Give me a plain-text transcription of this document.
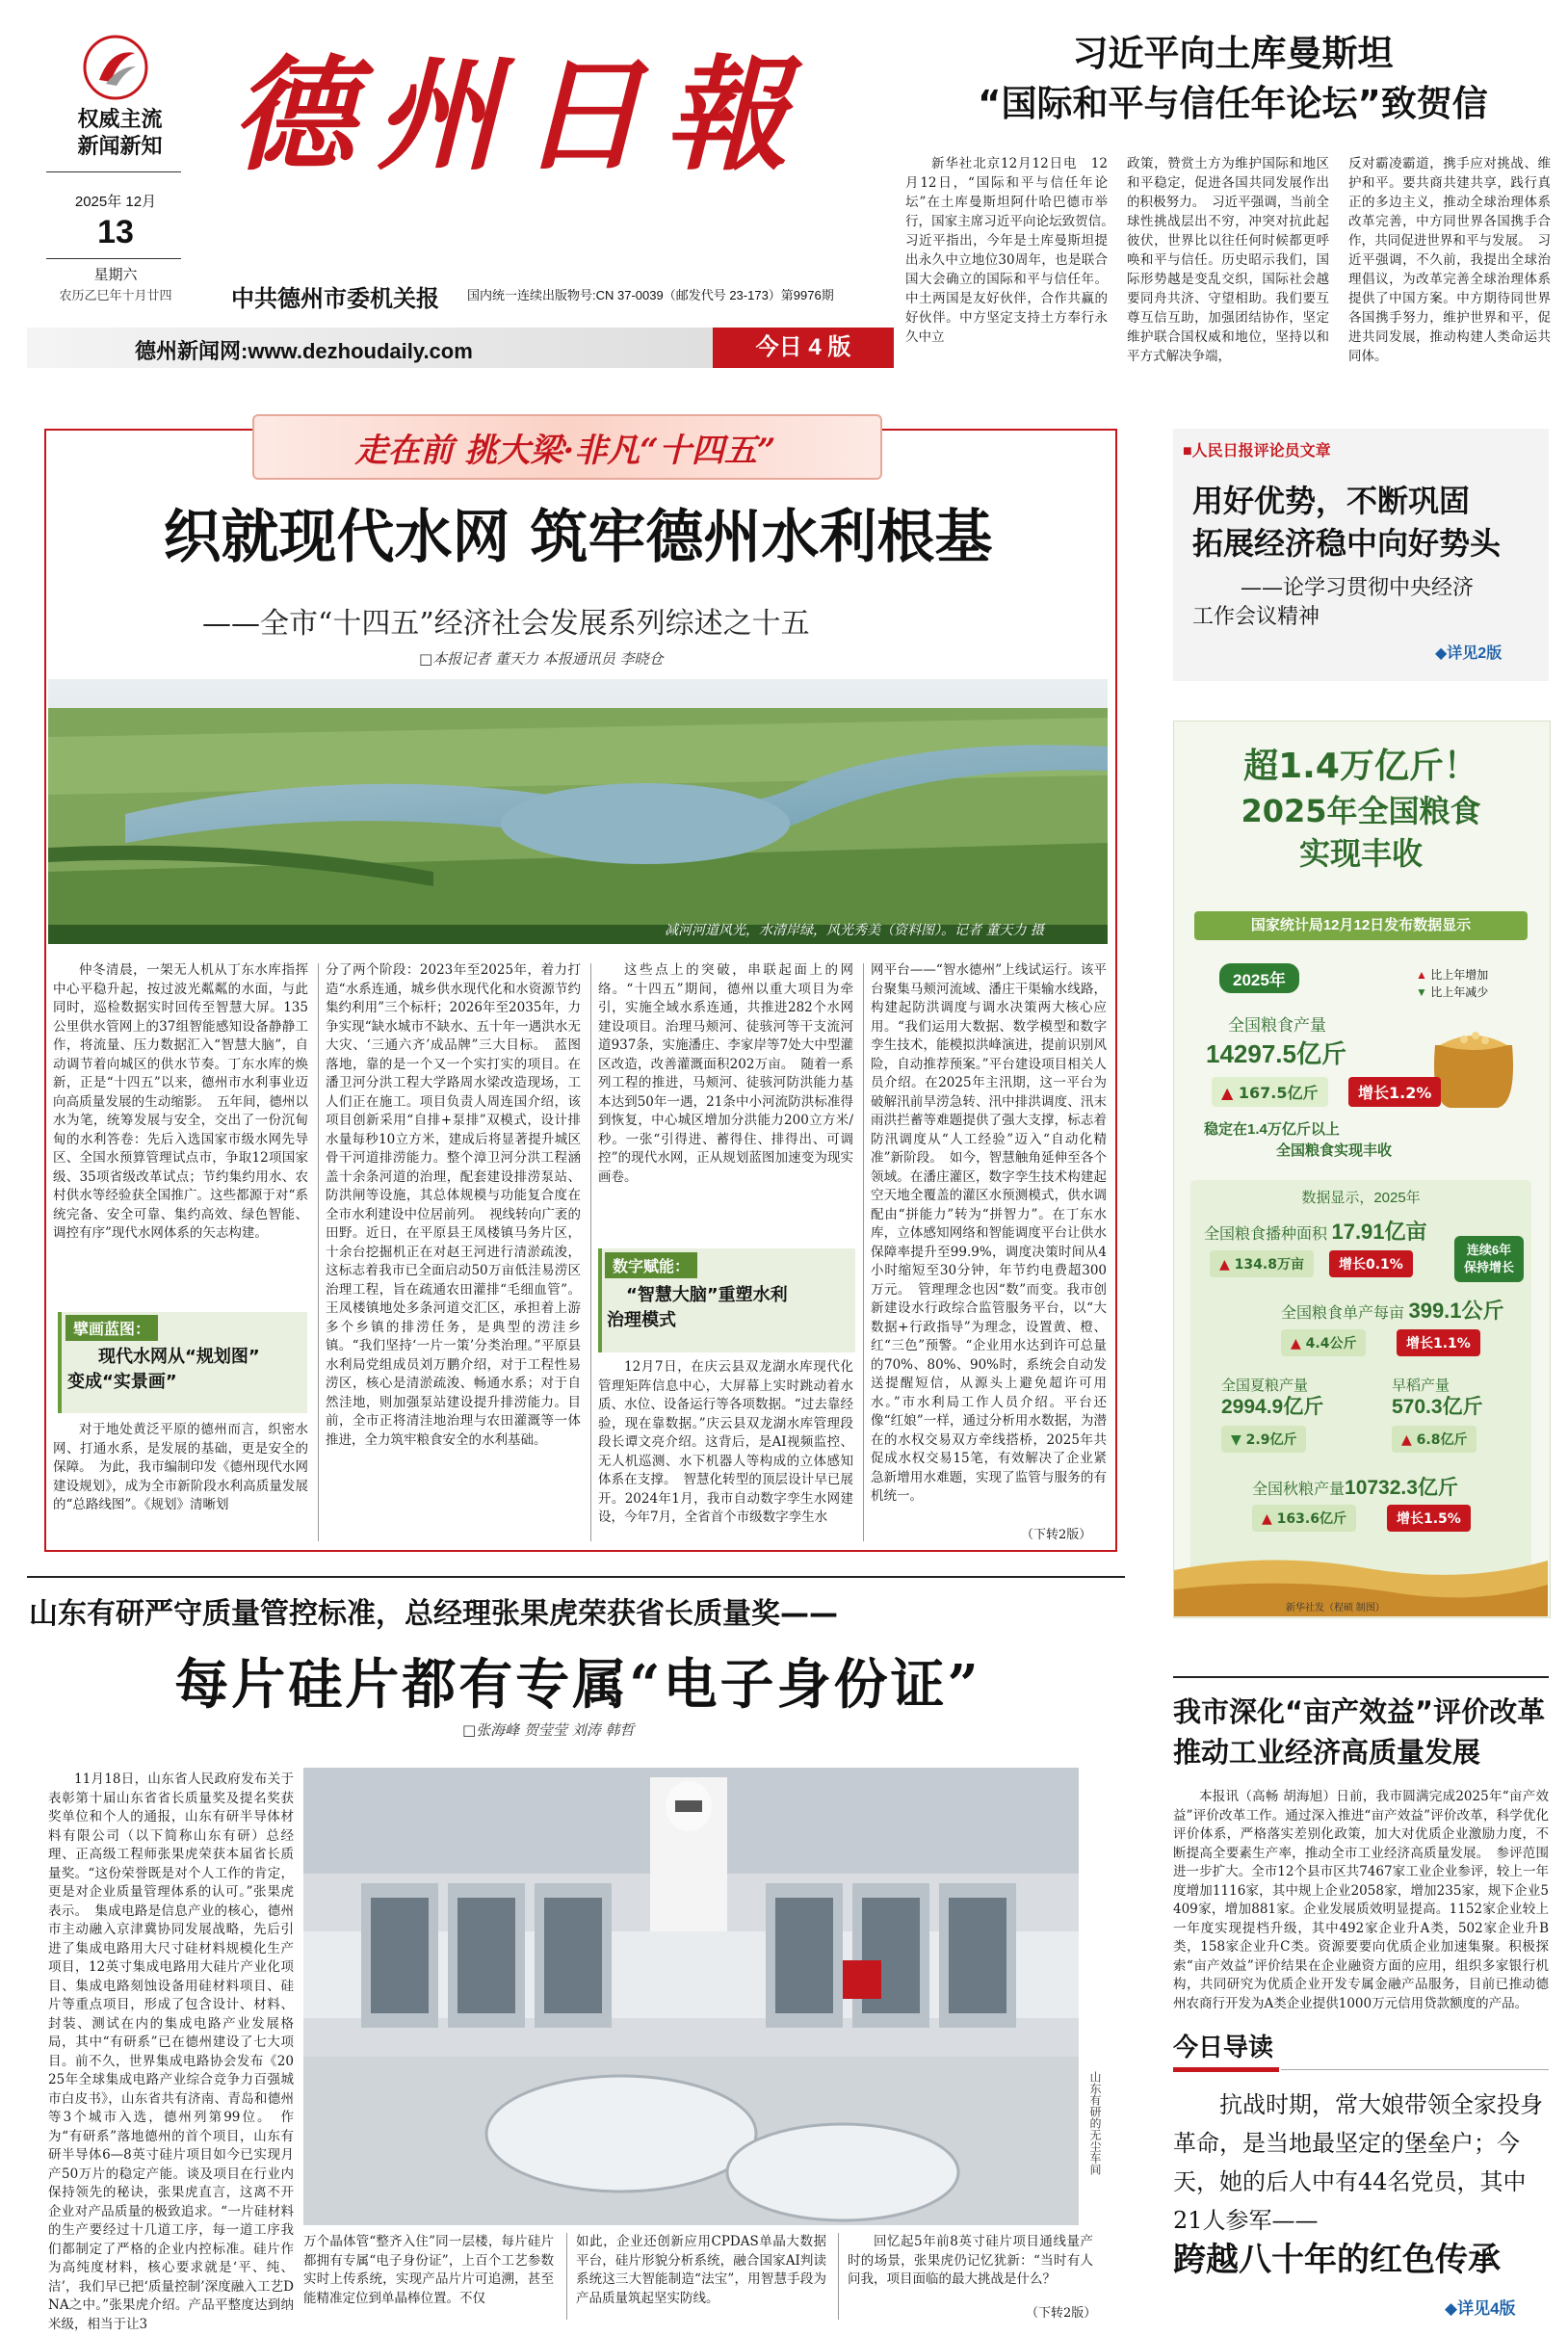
权威主流
新闻新知
2025年 12月
13
星期六
农历乙巳年十月廿四
德州日報
中共德州市委机关报 国内统一连续出版物号:CN 37-0039（邮发代号 23-173）第9976期
德州新闻网:www.dezhoudaily.com	今日 4 版
习近平向土库曼斯坦
“国际和平与信任年论坛”致贺信

新华社北京12月12日电　12月12日，“国际和平与信任年论坛”在土库曼斯坦阿什哈巴德市举行，国家主席习近平向论坛致贺信。　习近平指出，今年是土库曼斯坦提出永久中立地位30周年，也是联合国大会确立的国际和平与信任年。中土两国是友好伙伴，合作共赢的好伙伴。中方坚定支持土方奉行永久中立

政策，赞赏土方为维护国际和地区和平稳定，促进各国共同发展作出的积极努力。　习近平强调，当前全球性挑战层出不穷，冲突对抗此起彼伏，世界比以往任何时候都更呼唤和平与信任。历史昭示我们，国际形势越是变乱交织，国际社会越要同舟共济、守望相助。我们要互尊互信互助，加强团结协作，坚定维护联合国权威和地位，坚持以和平方式解决争端，

反对霸凌霸道，携手应对挑战、维护和平。要共商共建共享，践行真正的多边主义，推动全球治理体系改革完善，中方同世界各国携手合作，共同促进世界和平与发展。　习近平强调，不久前，我提出全球治理倡议，为改革完善全球治理体系提供了中国方案。中方期待同世界各国携手努力，维护世界和平，促进共同发展，推动构建人类命运共同体。

走在前 挑大梁·非凡“十四五”
织就现代水网 筑牢德州水利根基
——全市“十四五”经济社会发展系列综述之十五
□本报记者 董天力 本报通讯员 李晓仓
减河河道风光，水清岸绿，风光秀美（资料图）。记者 董天力 摄

仲冬清晨，一架无人机从丁东水库指挥中心平稳升起，按过波光粼粼的水面，与此同时，巡检数据实时回传至智慧大屏。135公里供水管网上的37组智能感知设备静静工作，将流量、压力数据汇入“智慧大脑”，自动调节着向城区的供水节奏。丁东水库的焕新，正是“十四五”以来，德州市水利事业迈向高质量发展的生动缩影。　五年间，德州以水为笔，统筹发展与安全，交出了一份沉甸甸的水利答卷：先后入选国家市级水网先导区、全国水预算管理试点市，争取12项国家级、35项省级改革试点；节约集约用水、农村供水等经验获全国推广。这些都源于对“系统完备、安全可靠、集约高效、绿色智能、调控有序”现代水网体系的矢志构建。

擘画蓝图：
现代水网从“规划图”
变成“实景画”

对于地处黄泛平原的德州而言，织密水网、打通水系，是发展的基础，更是安全的保障。　为此，我市编制印发《德州现代水网建设规划》，成为全市新阶段水利高质量发展的“总路线图”。《规划》清晰划

分了两个阶段：2023年至2025年，着力打造“水系连通，城乡供水现代化和水资源节约集约利用”三个标杆；2026年至2035年，力争实现“缺水城市不缺水、五十年一遇洪水无大灾、‘三通六齐’成品牌”三大目标。　蓝图落地，靠的是一个又一个实打实的项目。在潘卫河分洪工程大学路周水梁改造现场，工人们正在施工。项目负责人周连国介绍，该项目创新采用“自排+泵排”双模式，设计排水量每秒10立方米，建成后将显著提升城区骨干河道排涝能力。整个漳卫河分洪工程涵盖十余条河道的治理，配套建设排涝泵站、防洪闸等设施，其总体规模与功能复合度在全市水利建设中位居前列。　视线转向广袤的田野。近日，在平原县王凤楼镇马务片区，十余台挖掘机正在对赵王河进行清淤疏浚，这标志着我市已全面启动50万亩低洼易涝区治理工程，旨在疏通农田灌排“毛细血管”。王凤楼镇地处多条河道交汇区，承担着上游多个乡镇的排涝任务，是典型的涝洼乡镇。“我们坚持‘一片一策’分类治理。”平原县水利局党组成员刘万鹏介绍，对于工程性易涝区，核心是清淤疏浚、畅通水系；对于自然洼地，则加强泵站建设提升排涝能力。目前，全市正将清洼地治理与农田灌溉等一体推进，全力筑牢粮食安全的水利基础。

这些点上的突破，串联起面上的网络。“十四五”期间，德州以重大项目为牵引，实施全域水系连通，共推进282个水网建设项目。治理马颊河、徒骇河等干支流河道937条，实施潘庄、李家岸等7处大中型灌区改造，改善灌溉面积202万亩。　随着一系列工程的推进，马颊河、徒骇河防洪能力基本达到50年一遇，21条中小河流防洪标准得到恢复，中心城区增加分洪能力200立方米/秒。一张“引得进、蓄得住、排得出、可调控”的现代水网，正从规划蓝图加速变为现实画卷。

数字赋能：
“智慧大脑”重塑水利
治理模式

12月7日，在庆云县双龙湖水库现代化管理矩阵信息中心，大屏幕上实时跳动着水质、水位、设备运行等各项数据。“过去靠经验，现在靠数据。”庆云县双龙湖水库管理段段长谭文亮介绍。这背后，是AI视频监控、无人机巡测、水下机器人等构成的立体感知体系在支撑。　智慧化转型的顶层设计早已展开。2024年1月，我市自动数字孪生水网建设，今年7月，全省首个市级数字孪生水

网平台——“智水德州”上线试运行。该平台聚集马颊河流域、潘庄干渠输水线路，构建起防洪调度与调水决策两大核心应用。“我们运用大数据、数学模型和数字孪生技术，能模拟洪峰演进，提前识别风险，自动推荐预案。”平台建设项目相关人员介绍。在2025年主汛期，这一平台为破解汛前旱涝急转、汛中排洪调度、汛末雨洪拦蓄等难题提供了强大支撑，标志着防汛调度从“人工经验”迈入“自动化精准”新阶段。　如今，智慧触角延伸至各个领域。在潘庄灌区，数字孪生技术构建起空天地全覆盖的灌区水预测模式，供水调配由“拼能力”转为“拼智力”。在丁东水库，立体感知网络和智能调度平台让供水保障率提升至99.9%，调度决策时间从4小时缩短至30分钟，年节约电费超300万元。　管理理念也因“数”而变。我市创新建设水行政综合监管服务平台，以“大数据+行政指导”为理念，设置黄、橙、红“三色”预警。“企业用水达到许可总量的70%、80%、90%时，系统会自动发送提醒短信，从源头上避免超许可用水。”市水利局工作人员介绍。平台还像“红娘”一样，通过分析用水数据，为潜在的水权交易双方牵线搭桥，2025年共促成水权交易15笔，有效解决了企业紧急新增用水难题，实现了监管与服务的有机统一。

（下转2版）
■人民日报评论员文章
用好优势，不断巩固
拓展经济稳中向好势头
——论学习贯彻中央经济
工作会议精神
◆详见2版
超1.4万亿斤！
2025年全国粮食
实现丰收
国家统计局12月12日发布数据显示
2025年	▲ 比上年增加
▼ 比上年减少
全国粮食产量
14297.5亿斤
▲ 167.5亿斤	增长1.2%
稳定在1.4万亿斤以上
全国粮食实现丰收
数据显示，2025年
全国粮食播种面积 17.91亿亩
▲ 134.8万亩	增长0.1%
连续6年
保持增长
全国粮食单产每亩 399.1公斤
▲ 4.4公斤	增长1.1%
全国夏粮产量
2994.9亿斤
▼ 2.9亿斤
早稻产量
570.3亿斤
▲ 6.8亿斤
全国秋粮产量10732.3亿斤
▲ 163.6亿斤	增长1.5%
新华社发（程硕 制图）
山东有研严守质量管控标准，总经理张果虎荣获省长质量奖——
每片硅片都有专属“电子身份证”
□张海峰 贺莹莹 刘涛 韩哲

11月18日，山东省人民政府发布关于表彰第十届山东省省长质量奖及提名奖获奖单位和个人的通报，山东有研半导体材料有限公司（以下简称山东有研）总经理、正高级工程师张果虎荣获本届省长质量奖。“这份荣誉既是对个人工作的肯定，更是对企业质量管理体系的认可。”张果虎表示。　集成电路是信息产业的核心，德州市主动融入京津冀协同发展战略，先后引进了集成电路用大尺寸硅材料规模化生产项目，12英寸集成电路用大硅片产业化项目、集成电路刻蚀设备用硅材料项目、硅片等重点项目，形成了包含设计、材料、封装、测试在内的集成电路产业发展格局，其中“有研系”已在德州建设了七大项目。前不久，世界集成电路协会发布《2025年全球集成电路产业综合竞争力百强城市白皮书》，山东省共有济南、青岛和德州等3个城市入选，德州列第99位。　作为“有研系”落地德州的首个项目，山东有研半导体6—8英寸硅片项目如今已实现月产50万片的稳定产能。谈及项目在行业内保持领先的秘诀，张果虎直言，这离不开企业对产品质量的极致追求。“一片硅材料的生产要经过十几道工序，每一道工序我们都制定了严格的企业内控标准。硅片作为高纯度材料，核心要求就是‘平、纯、洁’，我们早已把‘质量控制’深度融入工艺DNA之中。”张果虎介绍。产品平整度达到纳米级，相当于让3

山东有研的无尘车间

万个晶体管“整齐入住”同一层楼，每片硅片都拥有专属“电子身份证”，上百个工艺参数实时上传系统，实现产品片片可追溯，甚至能精准定位到单晶棒位置。不仅

如此，企业还创新应用CPDAS单晶大数据平台，硅片形貌分析系统，融合国家AI判读系统这三大智能制造“法宝”，用智慧手段为产品质量筑起坚实防线。

回忆起5年前8英寸硅片项目通线量产时的场景，张果虎仍记忆犹新：“当时有人问我，项目面临的最大挑战是什么？

（下转2版）
我市深化“亩产效益”评价改革
推动工业经济高质量发展

本报讯（高畅 胡海旭）日前，我市圆满完成2025年“亩产效益”评价改革工作。通过深入推进“亩产效益”评价改革，科学优化评价体系，严格落实差别化政策，加大对优质企业激励力度，不断提高全要素生产率，推动全市工业经济高质量发展。　参评范围进一步扩大。全市12个县市区共7467家工业企业参评，较上一年度增加1116家，其中规上企业2058家，增加235家，规下企业5409家，增加881家。企业发展质效明显提高。1152家企业较上一年度实现提档升级，其中492家企业升A类，502家企业升B类，158家企业升C类。资源要要向优质企业加速集聚。积极探索“亩产效益”评价结果在企业融资方面的应用，组织多家银行机构，共同研究为优质企业开发专属金融产品服务，目前已推动德州农商行开发为A类企业提供1000万元信用贷款额度的产品。

今日导读
抗战时期，常大娘带领全家投身革命，是当地最坚定的堡垒户；今天，她的后人中有44名党员，其中21人参军——
跨越八十年的红色传承
◆详见4版
